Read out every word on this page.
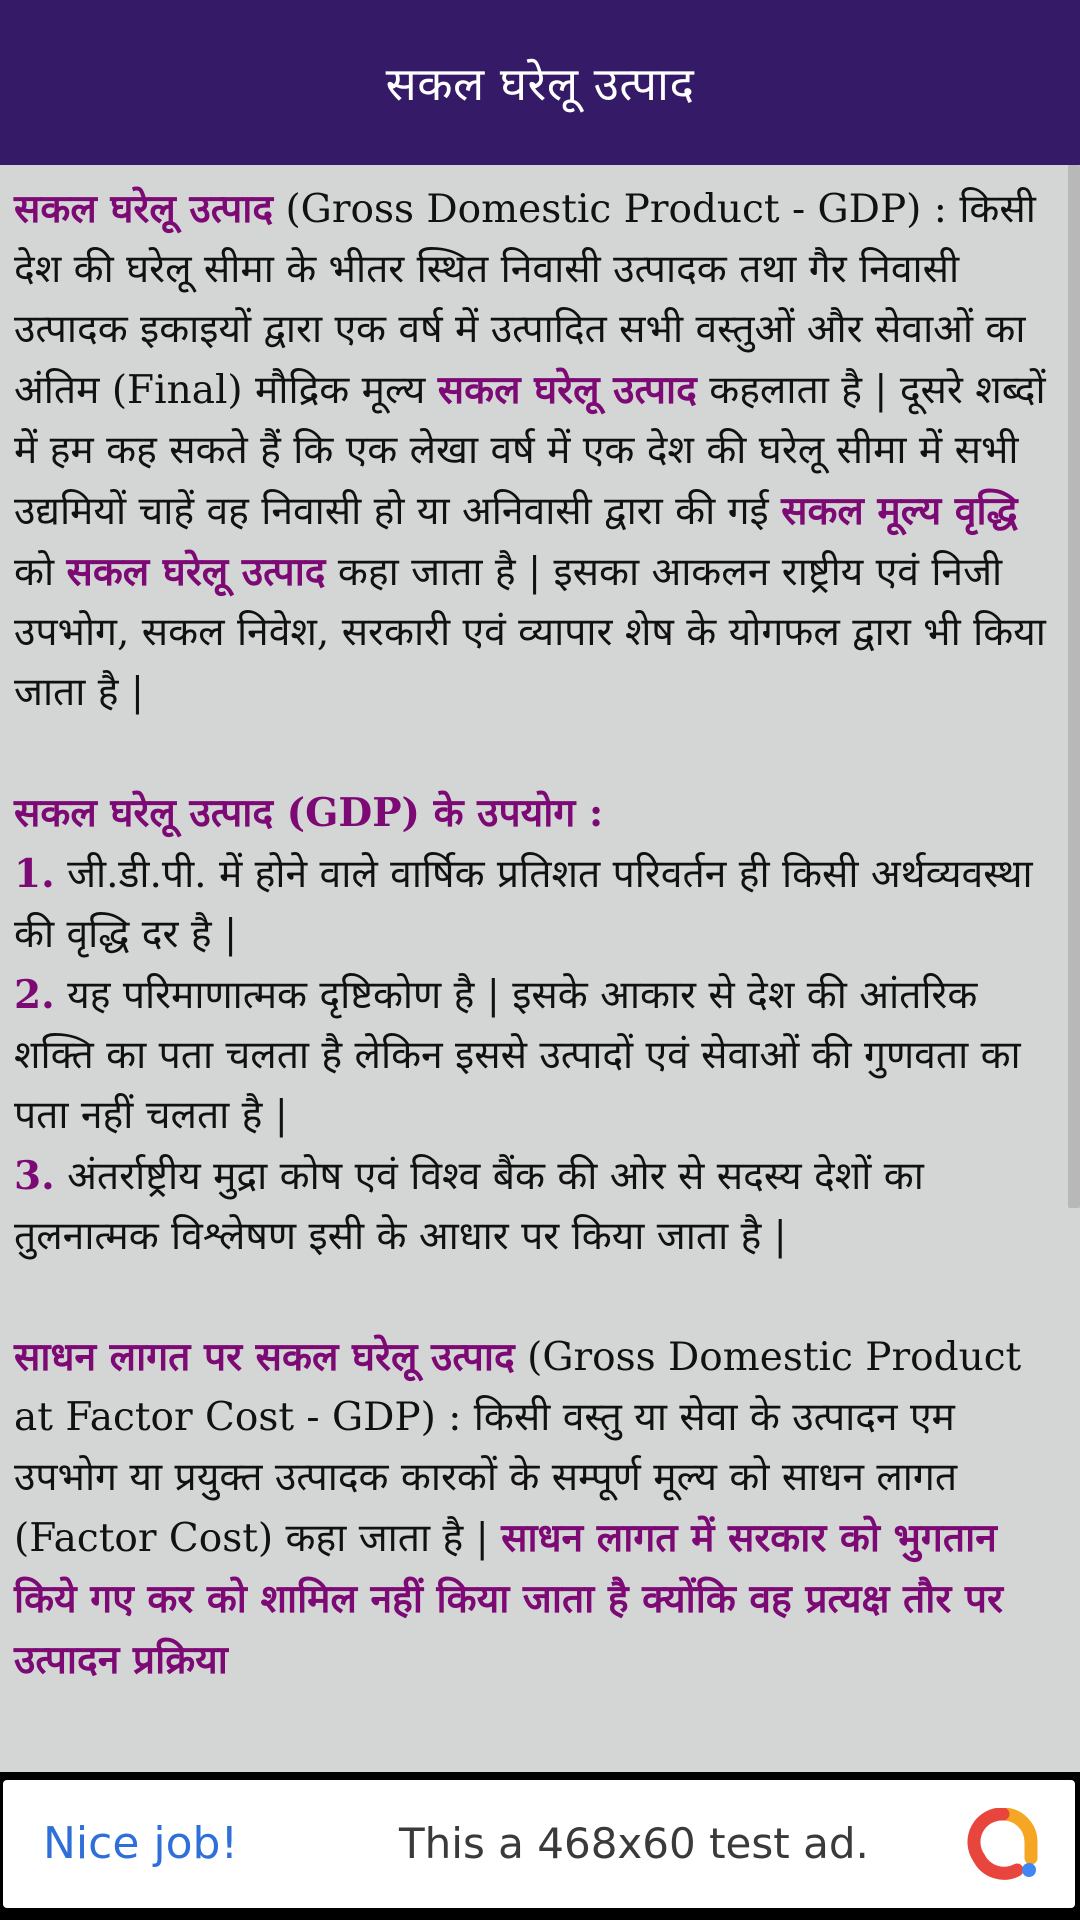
सकल घरेलू उत्पाद

सकल घरेलू उत्पाद (Gross Domestic Product - GDP) : किसी देश की घरेलू सीमा के भीतर स्थित निवासी उत्पादक तथा गैर निवासी उत्पादक इकाइयों द्वारा एक वर्ष में उत्पादित सभी वस्तुओं और सेवाओं का अंतिम (Final) मौद्रिक मूल्य सकल घरेलू उत्पाद कहलाता है | दूसरे शब्दों में हम कह सकते हैं कि एक लेखा वर्ष में एक देश की घरेलू सीमा में सभी उद्यमियों चाहें वह निवासी हो या अनिवासी द्वारा की गई सकल मूल्य वृद्धि को सकल घरेलू उत्पाद कहा जाता है | इसका आकलन राष्ट्रीय एवं निजी उपभोग, सकल निवेश, सरकारी एवं व्यापार शेष के योगफल द्वारा भी किया जाता है |

सकल घरेलू उत्पाद (GDP) के उपयोग :
1. जी.डी.पी. में होने वाले वार्षिक प्रतिशत परिवर्तन ही किसी अर्थव्यवस्था की वृद्धि दर है |
2. यह परिमाणात्मक दृष्टिकोण है | इसके आकार से देश की आंतरिक शक्ति का पता चलता है लेकिन इससे उत्पादों एवं सेवाओं की गुणवता का पता नहीं चलता है |
3. अंतर्राष्ट्रीय मुद्रा कोष एवं विश्व बैंक की ओर से सदस्य देशों का तुलनात्मक विश्लेषण इसी के आधार पर किया जाता है |

साधन लागत पर सकल घरेलू उत्पाद (Gross Domestic Product at Factor Cost - GDP) : किसी वस्तु या सेवा के उत्पादन एम उपभोग या प्रयुक्त उत्पादक कारकों के सम्पूर्ण मूल्य को साधन लागत (Factor Cost) कहा जाता है | साधन लागत में सरकार को भुगतान किये गए कर को शामिल नहीं किया जाता है क्योंकि वह प्रत्यक्ष तौर पर उत्पादन प्रक्रिया

Nice job!	This a 468x60 test ad.
